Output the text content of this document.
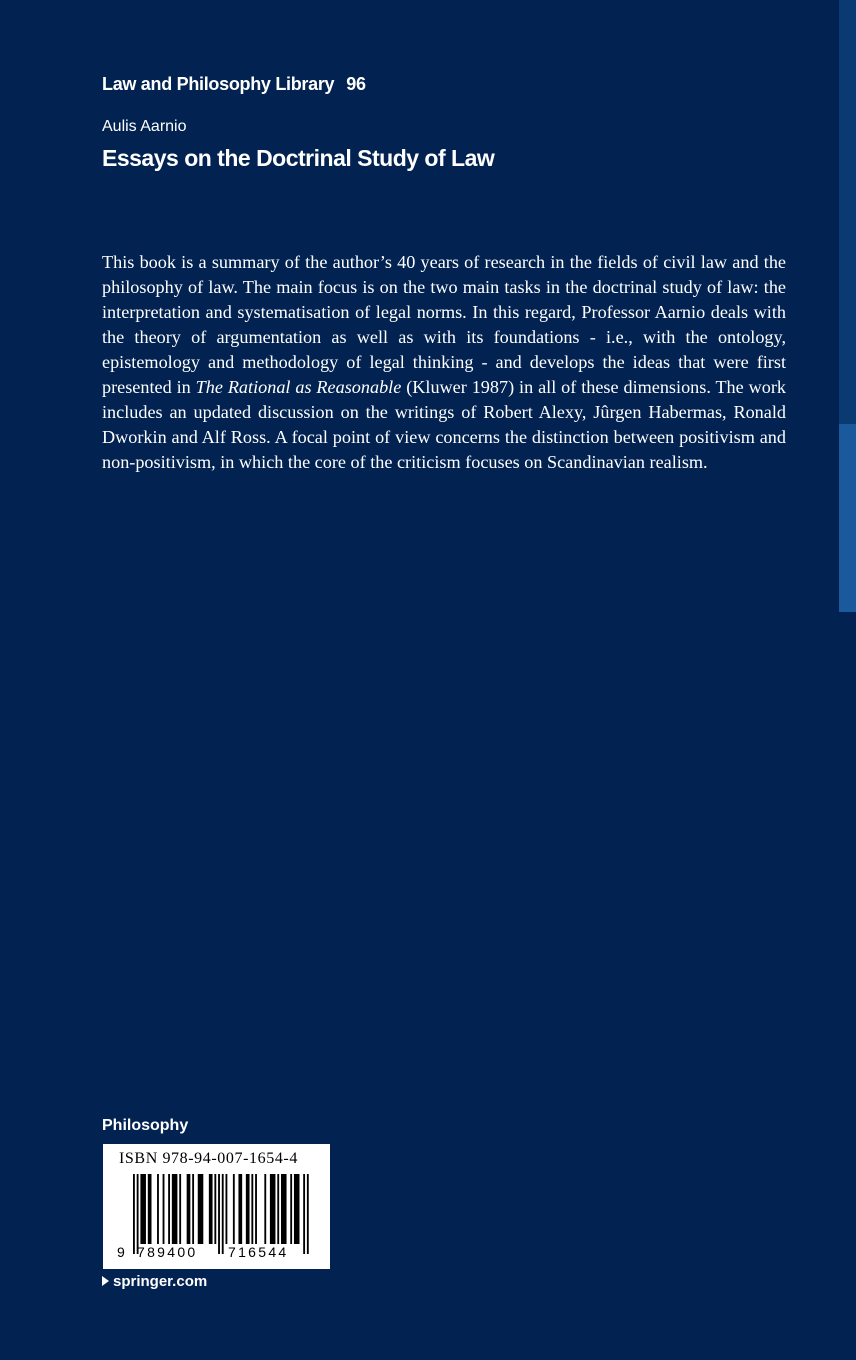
Law and Philosophy Library 96
Aulis Aarnio
Essays on the Doctrinal Study of Law
This book is a summary of the author’s 40 years of research in the fields of civil law and the philosophy of law. The main focus is on the two main tasks in the doctrinal study of law: the interpretation and systematisation of legal norms. In this regard, Professor Aarnio deals with the theory of argumentation as well as with its foundations - i.e., with the ontology, epistemology and methodology of legal thinking - and develops the ideas that were first presented in The Rational as Reasonable (Kluwer 1987) in all of these dimensions. The work includes an updated discussion on the writings of Robert Alexy, Jûrgen Habermas, Ronald Dworkin and Alf Ross. A focal point of view concerns the distinction between positivism and non-positivism, in which the core of the criticism focuses on Scandinavian realism.
Philosophy
ISBN 978-94-007-1654-4
9 789400 716544
springer.com
